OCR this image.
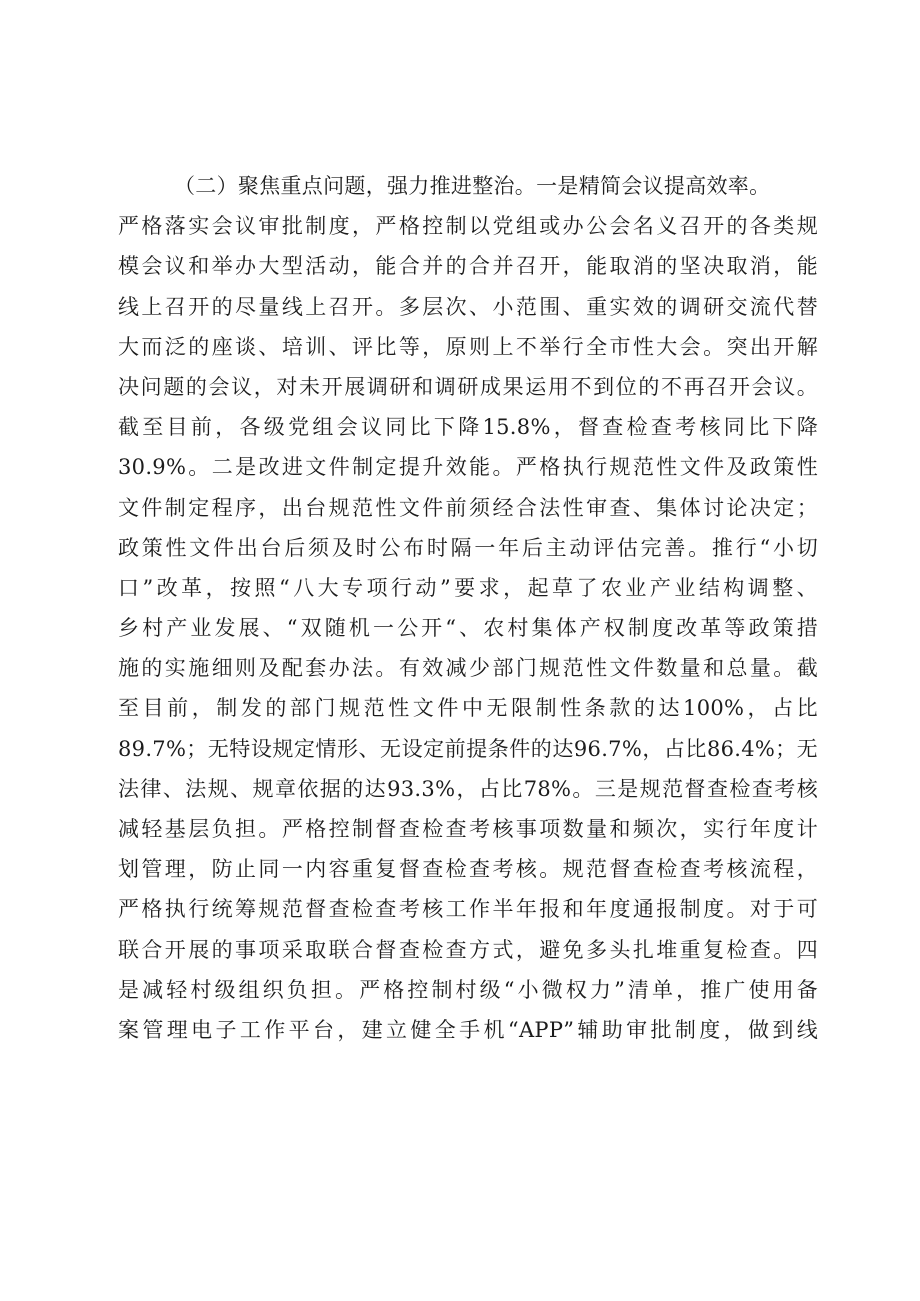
（二）聚焦重点问题，强力推进整治。一是精简会议提高效率。
严格落实会议审批制度，严格控制以党组或办公会名义召开的各类规
模会议和举办大型活动，能合并的合并召开，能取消的坚决取消，能
线上召开的尽量线上召开。多层次、小范围、重实效的调研交流代替
大而泛的座谈、培训、评比等，原则上不举行全市性大会。突出开解
决问题的会议，对未开展调研和调研成果运用不到位的不再召开会议。
截至目前，各级党组会议同比下降15.8%，督查检查考核同比下降
30.9%。二是改进文件制定提升效能。严格执行规范性文件及政策性
文件制定程序，出台规范性文件前须经合法性审查、集体讨论决定；
政策性文件出台后须及时公布时隔一年后主动评估完善。推行“小切
口”改革，按照“八大专项行动”要求，起草了农业产业结构调整、
乡村产业发展、“双随机一公开“、农村集体产权制度改革等政策措
施的实施细则及配套办法。有效减少部门规范性文件数量和总量。截
至目前，制发的部门规范性文件中无限制性条款的达100%，占比
89.7%；无特设规定情形、无设定前提条件的达96.7%，占比86.4%；无
法律、法规、规章依据的达93.3%，占比78%。三是规范督查检查考核
减轻基层负担。严格控制督查检查考核事项数量和频次，实行年度计
划管理，防止同一内容重复督查检查考核。规范督查检查考核流程，
严格执行统筹规范督查检查考核工作半年报和年度通报制度。对于可
联合开展的事项采取联合督查检查方式，避免多头扎堆重复检查。四
是减轻村级组织负担。严格控制村级“小微权力”清单，推广使用备
案管理电子工作平台，建立健全手机“APP”辅助审批制度，做到线
